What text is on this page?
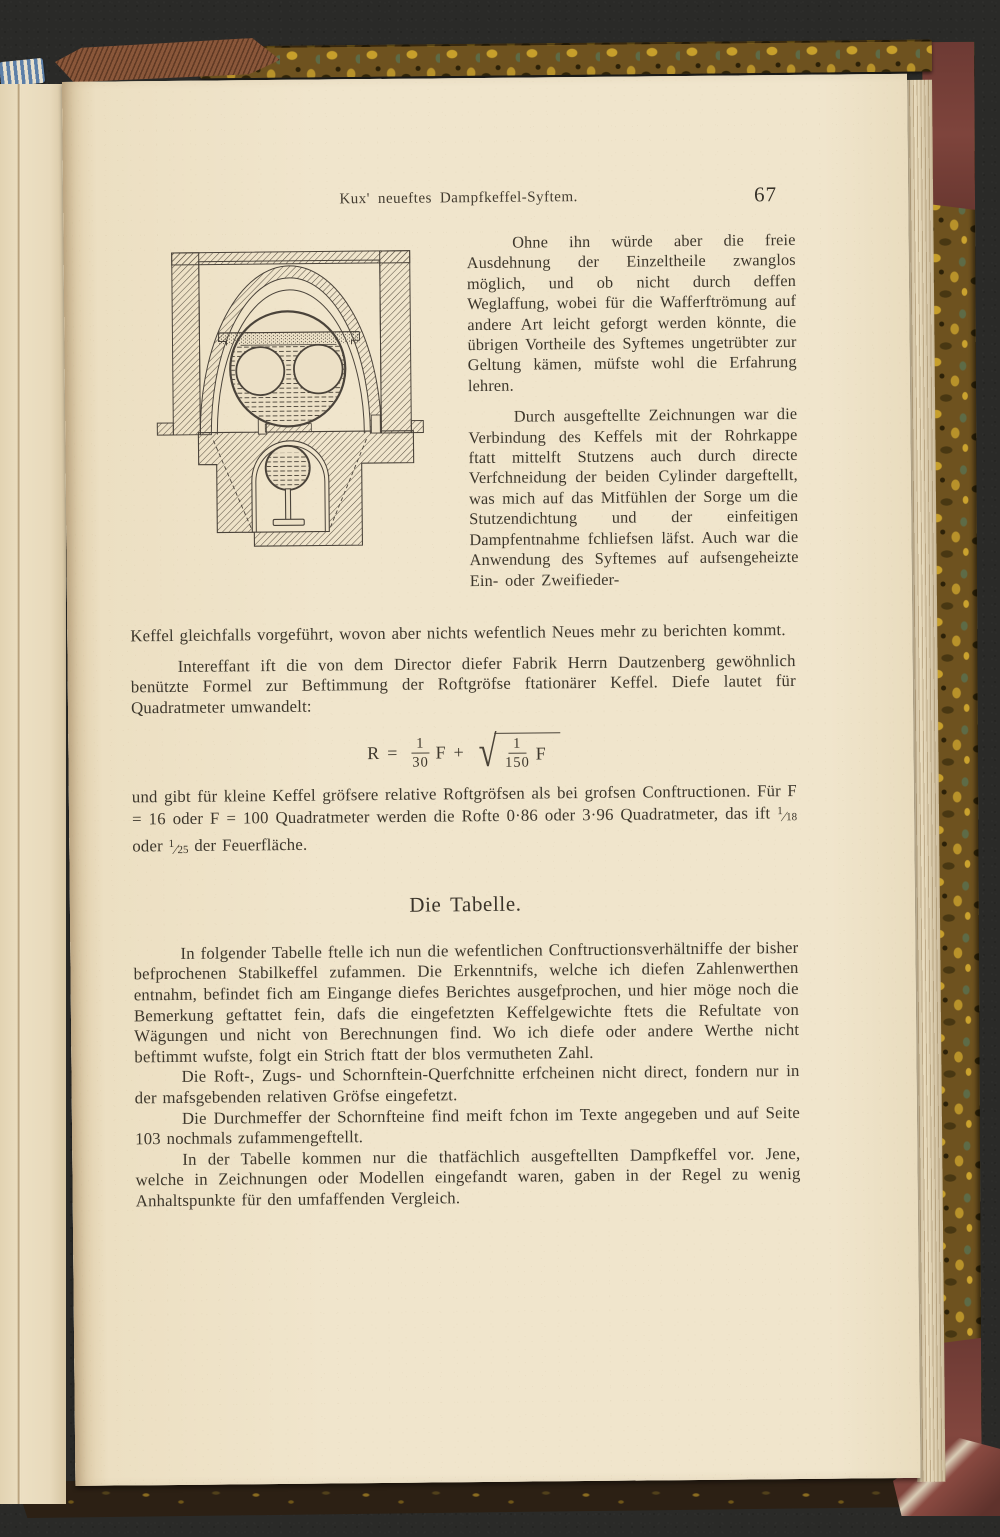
Kux' neueftes Dampfkeffel-Syftem.	67

Ohne ihn würde aber die freie Ausdehnung der Einzeltheile zwanglos möglich, und ob nicht durch deffen Weglaffung, wobei für die Wafferftrömung auf andere Art leicht geforgt werden könnte, die übrigen Vortheile des Syftemes ungetrübter zur Geltung kämen, müfste wohl die Erfahrung lehren.

Durch ausgeftellte Zeichnungen war die Verbindung des Keffels mit der Rohrkappe ftatt mittelft Stutzens auch durch directe Verfchneidung der beiden Cylinder dargeftellt, was mich auf das Mitfühlen der Sorge um die Stutzendichtung und der einfeitigen Dampfentnahme fchliefsen läfst. Auch war die Anwendung des Syftemes auf aufsengeheizte Ein- oder Zweifieder-

Keffel gleichfalls vorgeführt, wovon aber nichts wefentlich Neues mehr zu berichten kommt.

Intereffant ift die von dem Director diefer Fabrik Herrn Dautzenberg gewöhnlich benützte Formel zur Beftimmung der Roftgröfse ftationärer Keffel. Diefe lautet für Quadratmeter umwandelt:

$R = \frac{1}{30}$ F + √	$\frac{1}{150}$ F

und gibt für kleine Keffel gröfsere relative Roftgröfsen als bei grofsen Conftructionen. Für F = 16 oder F = 100 Quadratmeter werden die Rofte 0·86 oder 3·96 Quadratmeter, das ift $^1$ ⁄18 oder $^1$ ⁄25 der Feuerfläche.

Die Tabelle.

In folgender Tabelle ftelle ich nun die wefentlichen Conftructionsverhältniffe der bisher befprochenen Stabilkeffel zufammen. Die Erkenntnifs, welche ich diefen Zahlenwerthen entnahm, befindet fich am Eingange diefes Berichtes ausgefprochen, und hier möge noch die Bemerkung geftattet fein, dafs die eingefetzten Keffelgewichte ftets die Refultate von Wägungen und nicht von Berechnungen find. Wo ich diefe oder andere Werthe nicht beftimmt wufste, folgt ein Strich ftatt der blos vermutheten Zahl.

Die Roft-, Zugs- und Schornftein-Querfchnitte erfcheinen nicht direct, fondern nur in der mafsgebenden relativen Gröfse eingefetzt.

Die Durchmeffer der Schornfteine find meift fchon im Texte angegeben und auf Seite 103 nochmals zufammengeftellt.

In der Tabelle kommen nur die thatfächlich ausgeftellten Dampfkeffel vor. Jene, welche in Zeichnungen oder Modellen eingefandt waren, gaben in der Regel zu wenig Anhaltspunkte für den umfaffenden Vergleich.
